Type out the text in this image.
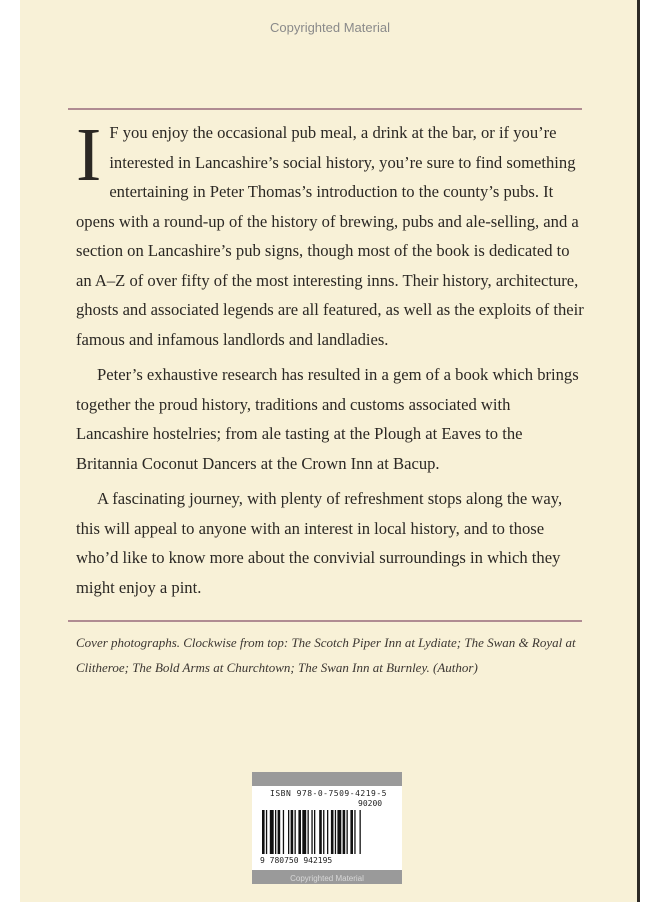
Copyrighted Material

I F you enjoy the occasional pub meal, a drink at the bar, or if you’re interested in Lancashire’s social history, you’re sure to find something entertaining in Peter Thomas’s introduction to the county’s pubs. It opens with a round-up of the history of brewing, pubs and ale-selling, and a section on Lancashire’s pub signs, though most of the book is dedicated to an A–Z of over fifty of the most interesting inns. Their history, architecture, ghosts and associated legends are all featured, as well as the exploits of their famous and infamous landlords and landladies.

Peter’s exhaustive research has resulted in a gem of a book which brings together the proud history, traditions and customs associated with Lancashire hostelries; from ale tasting at the Plough at Eaves to the Britannia Coconut Dancers at the Crown Inn at Bacup.

A fascinating journey, with plenty of refreshment stops along the way, this will appeal to anyone with an interest in local history, and to those who’d like to know more about the convivial surroundings in which they might enjoy a pint.

Cover photographs. Clockwise from top: The Scotch Piper Inn at Lydiate; The Swan & Royal at Clitheroe; The Bold Arms at Churchtown; The Swan Inn at Burnley. (Author)
ISBN 978-0-7509-4219-5
90200
9 780750 942195
Copyrighted Material
